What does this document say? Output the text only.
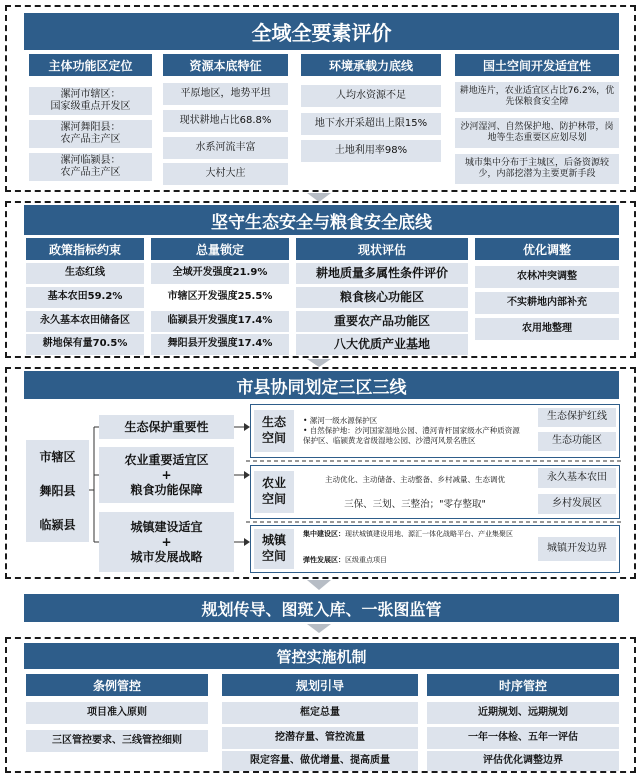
全域全要素评价
主体功能区定位
漯河市辖区：
国家级重点开发区
漯河舞阳县：
农产品主产区
漯河临颍县：
农产品主产区
资源本底特征
平原地区，地势平坦
现状耕地占比68.8%
水系河流丰富
大村大庄
环境承载力底线
人均水资源不足
地下水开采超出上限15%
土地利用率98%
国土空间开发适宜性
耕地连片，农业适宜区占比76.2%，优先保粮食安全障
沙河湿河、自然保护地、防护林带，岗地等生态重要区应划尽划
城市集中分布于主城区，后备资源较少，内部挖潜为主要更新手段
坚守生态安全与粮食安全底线
政策指标约束
生态红线
基本农田59.2%
永久基本农田储备区
耕地保有量70.5%
总量锁定
全域开发强度21.9%
市辖区开发强度25.5%
临颍县开发强度17.4%
舞阳县开发强度17.4%
现状评估
耕地质量多属性条件评价
粮食核心功能区
重要农产品功能区
八大优质产业基地
优化调整
农林冲突调整
不实耕地内部补充
农用地整理
市县协同划定三区三线
市辖区
舞阳县
临颍县
生态保护重要性
农业重要适宜区
+
粮食功能保障
城镇建设适宜
+
城市发展战略
生态
空间
• 漯河一级水源保护区
• 自然保护地：沙河国家湿地公园、澧河青杆国家级水产种质资源保护区、临颍黄龙省级湿地公园、沙澧河风景名胜区
生态保护红线
生态功能区
农业
空间
主动优化、主动储备、主动整备、乡村减量、生态调优
三保、三划、三整治；"零存整取"
永久基本农田
乡村发展区
城镇
空间
集中建设区：现状城镇建设用地、源汇一体化战略平台、产业集聚区
弹性发展区：区级重点项目
城镇开发边界
规划传导、图斑入库、一张图监管
管控实施机制
条例管控
项目准入原则
三区管控要求、三线管控细则
规划引导
框定总量
挖潜存量、管控流量
限定容量、做优增量、提高质量
时序管控
近期规划、远期规划
一年一体检、五年一评估
评估优化调整边界
